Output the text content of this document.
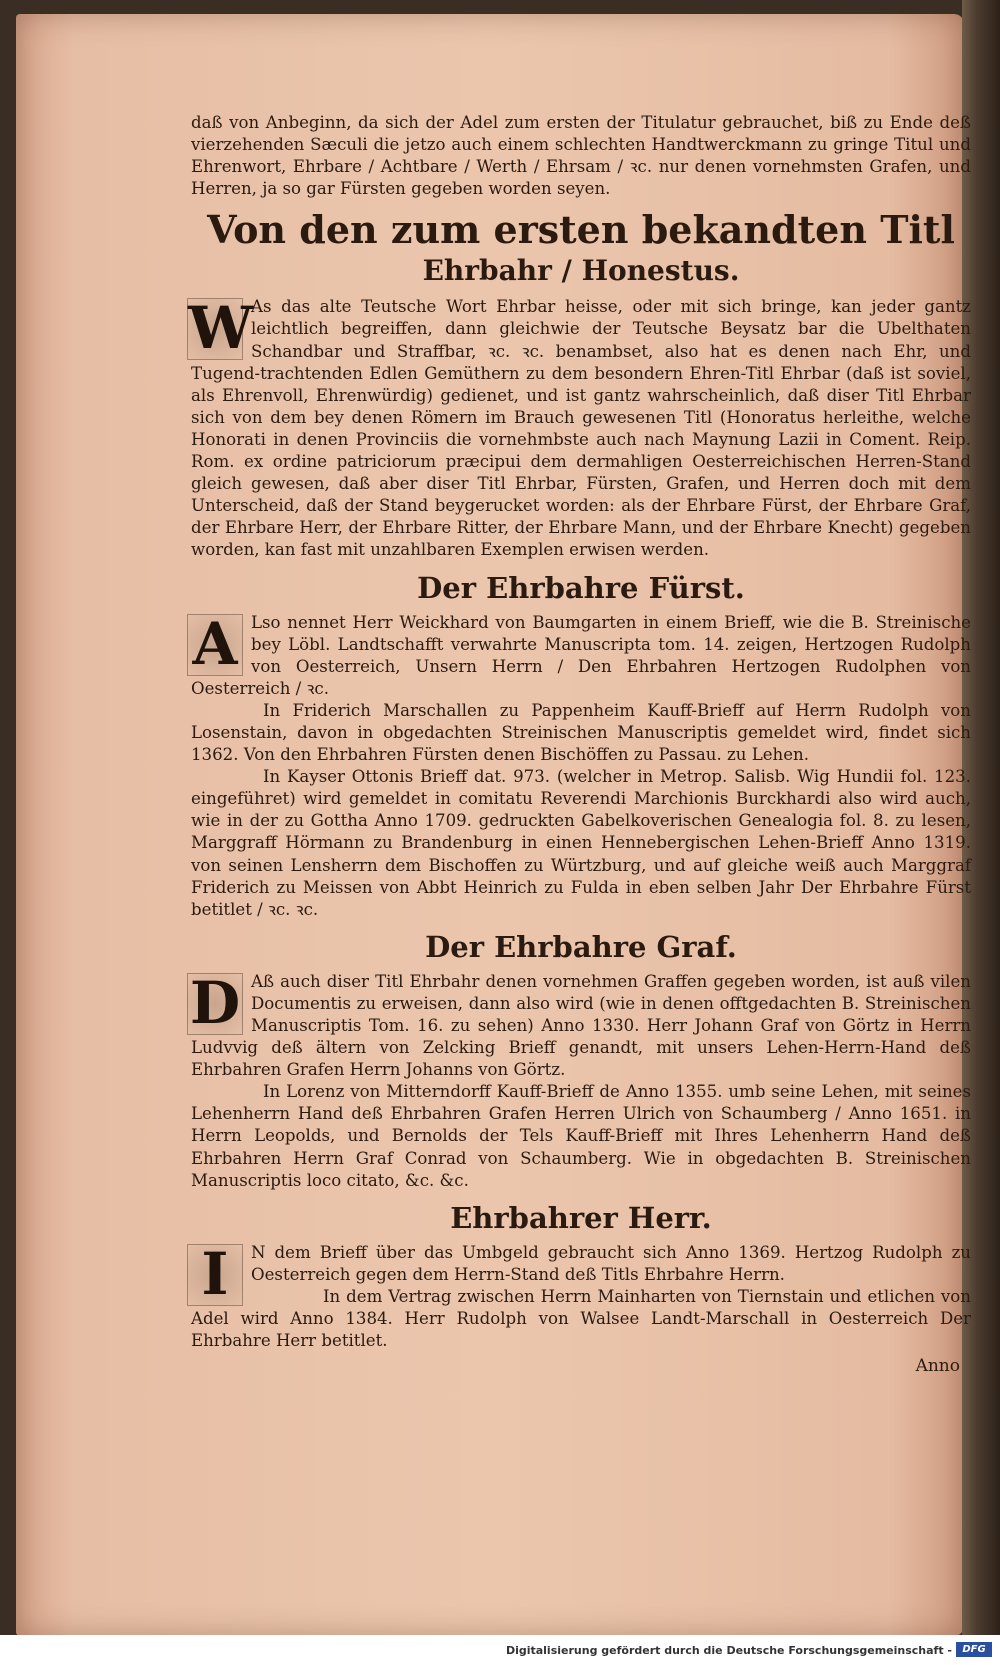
daß von Anbeginn, da sich der Adel zum ersten der Titulatur gebrauchet, biß zu Ende deß vierzehenden Sæculi die jetzo auch einem schlechten Handtwerckmann zu gringe Titul und Ehrenwort, Ehrbare / Achtbare / Werth / Ehrsam / ꝛc. nur denen vornehmsten Grafen, und Herren, ja so gar Fürsten gegeben worden seyen.

Von den zum ersten bekandten Titl
Ehrbahr / Honestus.
W

As das alte Teutsche Wort Ehrbar heisse, oder mit sich bringe, kan jeder gantz leichtlich begreiffen, dann gleichwie der Teutsche Beysatz bar die Ubelthaten Schandbar und Straffbar, ꝛc. ꝛc. benambset, also hat es denen nach Ehr, und Tugend-trachtenden Edlen Gemüthern zu dem besondern Ehren-Titl Ehrbar (daß ist soviel, als Ehrenvoll, Ehrenwürdig) gedienet, und ist gantz wahrscheinlich, daß diser Titl Ehrbar sich von dem bey denen Römern im Brauch gewesenen Titl (Honoratus herleithe, welche Honorati in denen Provinciis die vornehmbste auch nach Maynung Lazii in Coment. Reip. Rom. ex ordine patriciorum præcipui dem dermahligen Oesterreichischen Herren-Stand gleich gewesen, daß aber diser Titl Ehrbar, Fürsten, Grafen, und Herren doch mit dem Unterscheid, daß der Stand beygerucket worden: als der Ehrbare Fürst, der Ehrbare Graf, der Ehrbare Herr, der Ehrbare Ritter, der Ehrbare Mann, und der Ehrbare Knecht) gegeben worden, kan fast mit unzahlbaren Exemplen erwisen werden.

Der Ehrbahre Fürst.
A Lso nennet Herr Weickhard von Baumgarten in einem Brieff, wie die B. Streinische bey Löbl. Landtschafft verwahrte Manuscripta tom. 14. zeigen, Hertzogen Rudolph von Oesterreich, Unsern Herrn / Den Ehrbahren Hertzogen Rudolphen von Oesterreich / ꝛc.

In Friderich Marschallen zu Pappenheim Kauff-Brieff auf Herrn Rudolph von Losenstain, davon in obgedachten Streinischen Manuscriptis gemeldet wird, findet sich 1362. Von den Ehrbahren Fürsten denen Bischöffen zu Passau. zu Lehen.

In Kayser Ottonis Brieff dat. 973. (welcher in Metrop. Salisb. Wig Hundii fol. 123. eingeführet) wird gemeldet in comitatu Reverendi Marchionis Burckhardi also wird auch, wie in der zu Gottha Anno 1709. gedruckten Gabelkoverischen Genealogia fol. 8. zu lesen, Marggraff Hörmann zu Brandenburg in einen Hennebergischen Lehen-Brieff Anno 1319. von seinen Lensherrn dem Bischoffen zu Würtzburg, und auf gleiche weiß auch Marggraf Friderich zu Meissen von Abbt Heinrich zu Fulda in eben selben Jahr Der Ehrbahre Fürst betitlet / ꝛc. ꝛc.

Der Ehrbahre Graf.
D Aß auch diser Titl Ehrbahr denen vornehmen Graffen gegeben worden, ist auß vilen Documentis zu erweisen, dann also wird (wie in denen offtgedachten B. Streinischen Manuscriptis Tom. 16. zu sehen) Anno 1330. Herr Johann Graf von Görtz in Herrn Ludvvig deß ältern von Zelcking Brieff genandt, mit unsers Lehen-Herrn-Hand deß Ehrbahren Grafen Herrn Johanns von Görtz.

In Lorenz von Mitterndorff Kauff-Brieff de Anno 1355. umb seine Lehen, mit seines Lehenherrn Hand deß Ehrbahren Grafen Herren Ulrich von Schaumberg / Anno 1651. in Herrn Leopolds, und Bernolds der Tels Kauff-Brieff mit Ihres Lehenherrn Hand deß Ehrbahren Herrn Graf Conrad von Schaumberg. Wie in obgedachten B. Streinischen Manuscriptis loco citato, &c. &c.

Ehrbahrer Herr.
I	N dem Brieff über das Umbgeld gebraucht sich Anno 1369. Hertzog Rudolph zu Oesterreich gegen dem Herrn-Stand deß Titls Ehrbahre Herrn.

In dem Vertrag zwischen Herrn Mainharten von Tiernstain und etlichen von Adel wird Anno 1384. Herr Rudolph von Walsee Landt-Marschall in Oesterreich Der Ehrbahre Herr betitlet.

Anno
Digitalisierung gefördert durch die Deutsche Forschungsgemeinschaft -	DFG
